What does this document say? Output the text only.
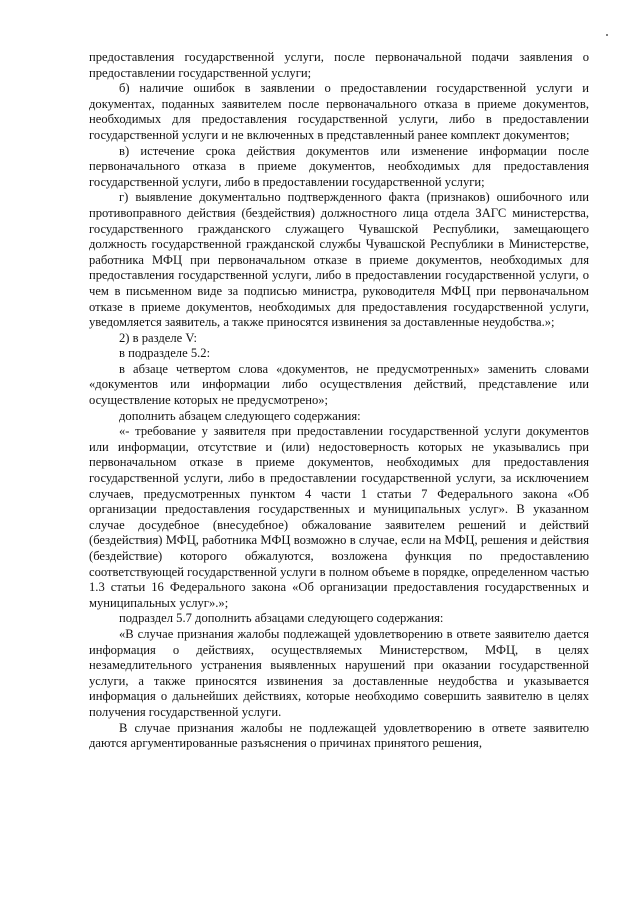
предоставления государственной услуги, после первоначальной подачи заявления о предоставлении государственной услуги;

б) наличие ошибок в заявлении о предоставлении государственной услуги и документах, поданных заявителем после первоначального отказа в приеме документов, необходимых для предоставления государственной услуги, либо в предоставлении государственной услуги и не включенных в представленный ранее комплект документов;

в) истечение срока действия документов или изменение информации после первоначального отказа в приеме документов, необходимых для предоставления государственной услуги, либо в предоставлении государственной услуги;

г) выявление документально подтвержденного факта (признаков) ошибочного или противоправного действия (бездействия) должностного лица отдела ЗАГС министерства, государственного гражданского служащего Чувашской Республики, замещающего должность государственной гражданской службы Чувашской Республики в Министерстве, работника МФЦ при первоначальном отказе в приеме документов, необходимых для предоставления государственной услуги, либо в предоставлении государственной услуги, о чем в письменном виде за подписью министра, руководителя МФЦ при первоначальном отказе в приеме документов, необходимых для предоставления государственной услуги, уведомляется заявитель, а также приносятся извинения за доставленные неудобства.»;

2) в разделе V:

в подразделе 5.2:

в абзаце четвертом слова «документов, не предусмотренных» заменить словами «документов или информации либо осуществления действий, представление или осуществление которых не предусмотрено»;

дополнить абзацем следующего содержания:

«- требование у заявителя при предоставлении государственной услуги документов или информации, отсутствие и (или) недостоверность которых не указывались при первоначальном отказе в приеме документов, необходимых для предоставления государственной услуги, либо в предоставлении государственной услуги, за исключением случаев, предусмотренных пунктом 4 части 1 статьи 7 Федерального закона «Об организации предоставления государственных и муниципальных услуг». В указанном случае досудебное (внесудебное) обжалование заявителем решений и действий (бездействия) МФЦ, работника МФЦ возможно в случае, если на МФЦ, решения и действия (бездействие) которого обжалуются, возложена функция по предоставлению соответствующей государственной услуги в полном объеме в порядке, определенном частью 1.3 статьи 16 Федерального закона «Об организации предоставления государственных и муниципальных услуг».»;

подраздел 5.7 дополнить абзацами следующего содержания:

«В случае признания жалобы подлежащей удовлетворению в ответе заявителю дается информация о действиях, осуществляемых Министерством, МФЦ, в целях незамедлительного устранения выявленных нарушений при оказании государственной услуги, а также приносятся извинения за доставленные неудобства и указывается информация о дальнейших действиях, которые необходимо совершить заявителю в целях получения государственной услуги.

В случае признания жалобы не подлежащей удовлетворению в ответе заявителю даются аргументированные разъяснения о причинах принятого решения,
